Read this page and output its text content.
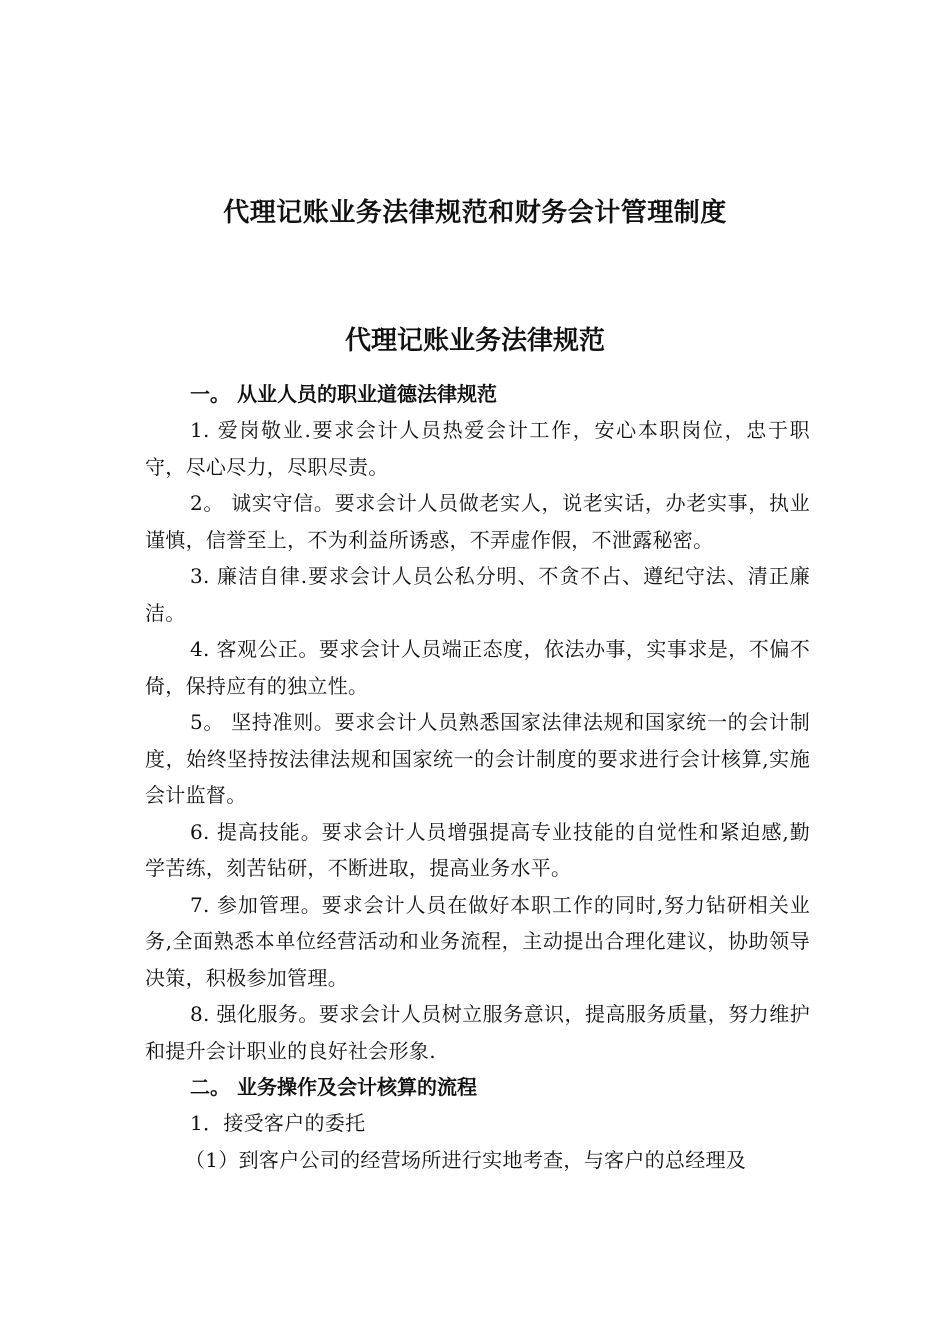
代理记账业务法律规范和财务会计管理制度
代理记账业务法律规范

一。 从业人员的职业道德法律规范

1. 爱岗敬业.要求会计人员热爱会计工作，安心本职岗位，忠于职守，尽心尽力，尽职尽责。

2。 诚实守信。要求会计人员做老实人，说老实话，办老实事，执业谨慎，信誉至上，不为利益所诱惑，不弄虚作假，不泄露秘密。

3. 廉洁自律.要求会计人员公私分明、不贪不占、遵纪守法、清正廉洁。

4. 客观公正。要求会计人员端正态度，依法办事，实事求是，不偏不倚，保持应有的独立性。

5。 坚持准则。要求会计人员熟悉国家法律法规和国家统一的会计制度，始终坚持按法律法规和国家统一的会计制度的要求进行会计核算,实施会计监督。

6. 提高技能。要求会计人员增强提高专业技能的自觉性和紧迫感,勤学苦练，刻苦钻研，不断进取，提高业务水平。

7. 参加管理。要求会计人员在做好本职工作的同时,努力钻研相关业务,全面熟悉本单位经营活动和业务流程，主动提出合理化建议，协助领导决策，积极参加管理。

8. 强化服务。要求会计人员树立服务意识，提高服务质量，努力维护和提升会计职业的良好社会形象.

二。 业务操作及会计核算的流程

1．接受客户的委托

（1）到客户公司的经营场所进行实地考查，与客户的总经理及
